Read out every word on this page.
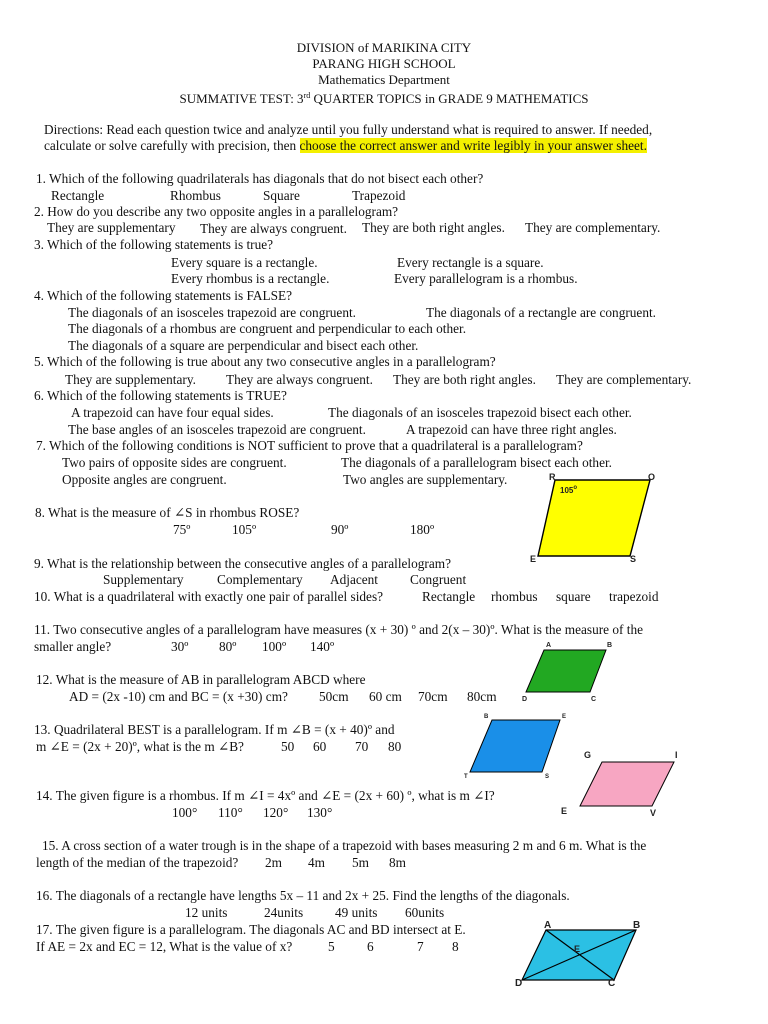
DIVISION of MARIKINA CITY
PARANG HIGH SCHOOL
Mathematics Department
SUMMATIVE TEST: 3rd QUARTER TOPICS in GRADE 9 MATHEMATICS
Directions: Read each question twice and analyze until you fully understand what is required to answer. If needed,
calculate or solve carefully with precision, then choose the correct answer and write legibly in your answer sheet.
1. Which of the following quadrilaterals has diagonals that do not bisect each other?
Rectangle	Rhombus	Square	Trapezoid
2. How do you describe any two opposite angles in a parallelogram?
They are supplementary They are always congruent. They are both right angles. They are complementary.
3. Which of the following statements is true?
Every square is a rectangle.	Every rectangle is a square.
Every rhombus is a rectangle.	Every parallelogram is a rhombus.
4. Which of the following statements is FALSE?
The diagonals of an isosceles trapezoid are congruent.	The diagonals of a rectangle are congruent.
The diagonals of a rhombus are congruent and perpendicular to each other.
The diagonals of a square are perpendicular and bisect each other.
5. Which of the following is true about any two consecutive angles in a parallelogram?
They are supplementary. They are always congruent. They are both right angles. They are complementary.
6. Which of the following statements is TRUE?
A trapezoid can have four equal sides.	The diagonals of an isosceles trapezoid bisect each other.
The base angles of an isosceles trapezoid are congruent.	A trapezoid can have three right angles.
7. Which of the following conditions is NOT sufficient to prove that a quadrilateral is a parallelogram?
Two pairs of opposite sides are congruent.	The diagonals of a parallelogram bisect each other.
Opposite angles are congruent.	Two angles are supplementary.
8. What is the measure of ∠S in rhombus ROSE?
75º	105º	90º	180º
R	O
E	S
105$^o$
9. What is the relationship between the consecutive angles of a parallelogram?
Supplementary	Complementary Adjacent Congruent
10. What is a quadrilateral with exactly one pair of parallel sides?	Rectangle rhombus square trapezoid
11. Two consecutive angles of a parallelogram have measures (x + 30) º and 2(x – 30)º. What is the measure of the
smaller angle?	30º 80º 100º 140º	A	B
D	C
12. What is the measure of AB in parallelogram ABCD where
AD = (2x -10) cm and BC = (x +30) cm? 50cm 60 cm 70cm 80cm
13. Quadrilateral BEST is a parallelogram. If m ∠B = (x + 40)º and
m ∠E = (2x + 20)º, what is the m ∠B?	50 60 70 80
B	E
T	S
G	I
E	V
14. The given figure is a rhombus. If m ∠I = 4xº and ∠E = (2x + 60) º, what is m ∠I?
100° 110° 120° 130°
15. A cross section of a water trough is in the shape of a trapezoid with bases measuring 2 m and 6 m. What is the
length of the median of the trapezoid? 2m 4m 5m 8m
16. The diagonals of a rectangle have lengths 5x – 11 and 2x + 25. Find the lengths of the diagonals.
12 units	24units 49 units 60units
17. The given figure is a parallelogram. The diagonals AC and BD intersect at E.
If AE = 2x and EC = 12, What is the value of x?	5 6	7 8
A	B
E
D	C
